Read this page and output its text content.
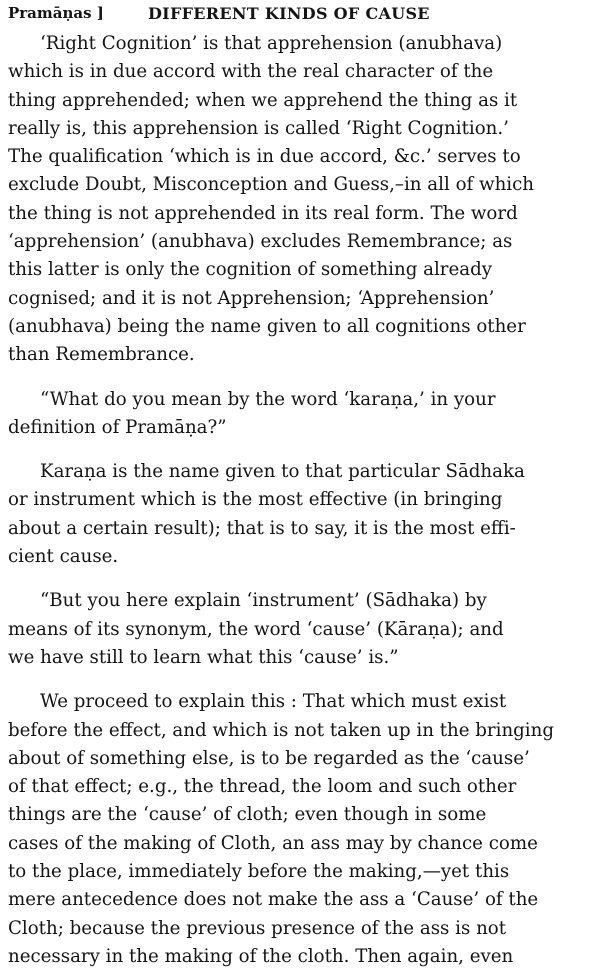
Pramāṇas ]	DIFFERENT KINDS OF CAUSE

‘Right Cognition’ is that apprehension (anubhava)
which is in due accord with the real character of the
thing apprehended; when we apprehend the thing as it
really is, this apprehension is called ‘Right Cognition.’
The qualification ‘which is in due accord, &c.’ serves to
exclude Doubt, Misconception and Guess,–in all of which
the thing is not apprehended in its real form. The word
‘apprehension’ (anubhava) excludes Remembrance; as
this latter is only the cognition of something already
cognised; and it is not Apprehension; ‘Apprehension’
(anubhava) being the name given to all cognitions other
than Remembrance.

“What do you mean by the word ‘karaṇa,’ in your
definition of Pramāṇa?”

Karaṇa is the name given to that particular Sādhaka
or instrument which is the most effective (in bringing
about a certain result); that is to say, it is the most effi-
cient cause.

“But you here explain ‘instrument’ (Sādhaka) by
means of its synonym, the word ‘cause’ (Kāraṇa); and
we have still to learn what this ‘cause’ is.”

We proceed to explain this : That which must exist
before the effect, and which is not taken up in the bringing
about of something else, is to be regarded as the ‘cause’
of that effect; e.g., the thread, the loom and such other
things are the ‘cause’ of cloth; even though in some
cases of the making of Cloth, an ass may by chance come
to the place, immediately before the making,—yet this
mere antecedence does not make the ass a ‘Cause’ of the
Cloth; because the previous presence of the ass is not
necessary in the making of the cloth. Then again, even
